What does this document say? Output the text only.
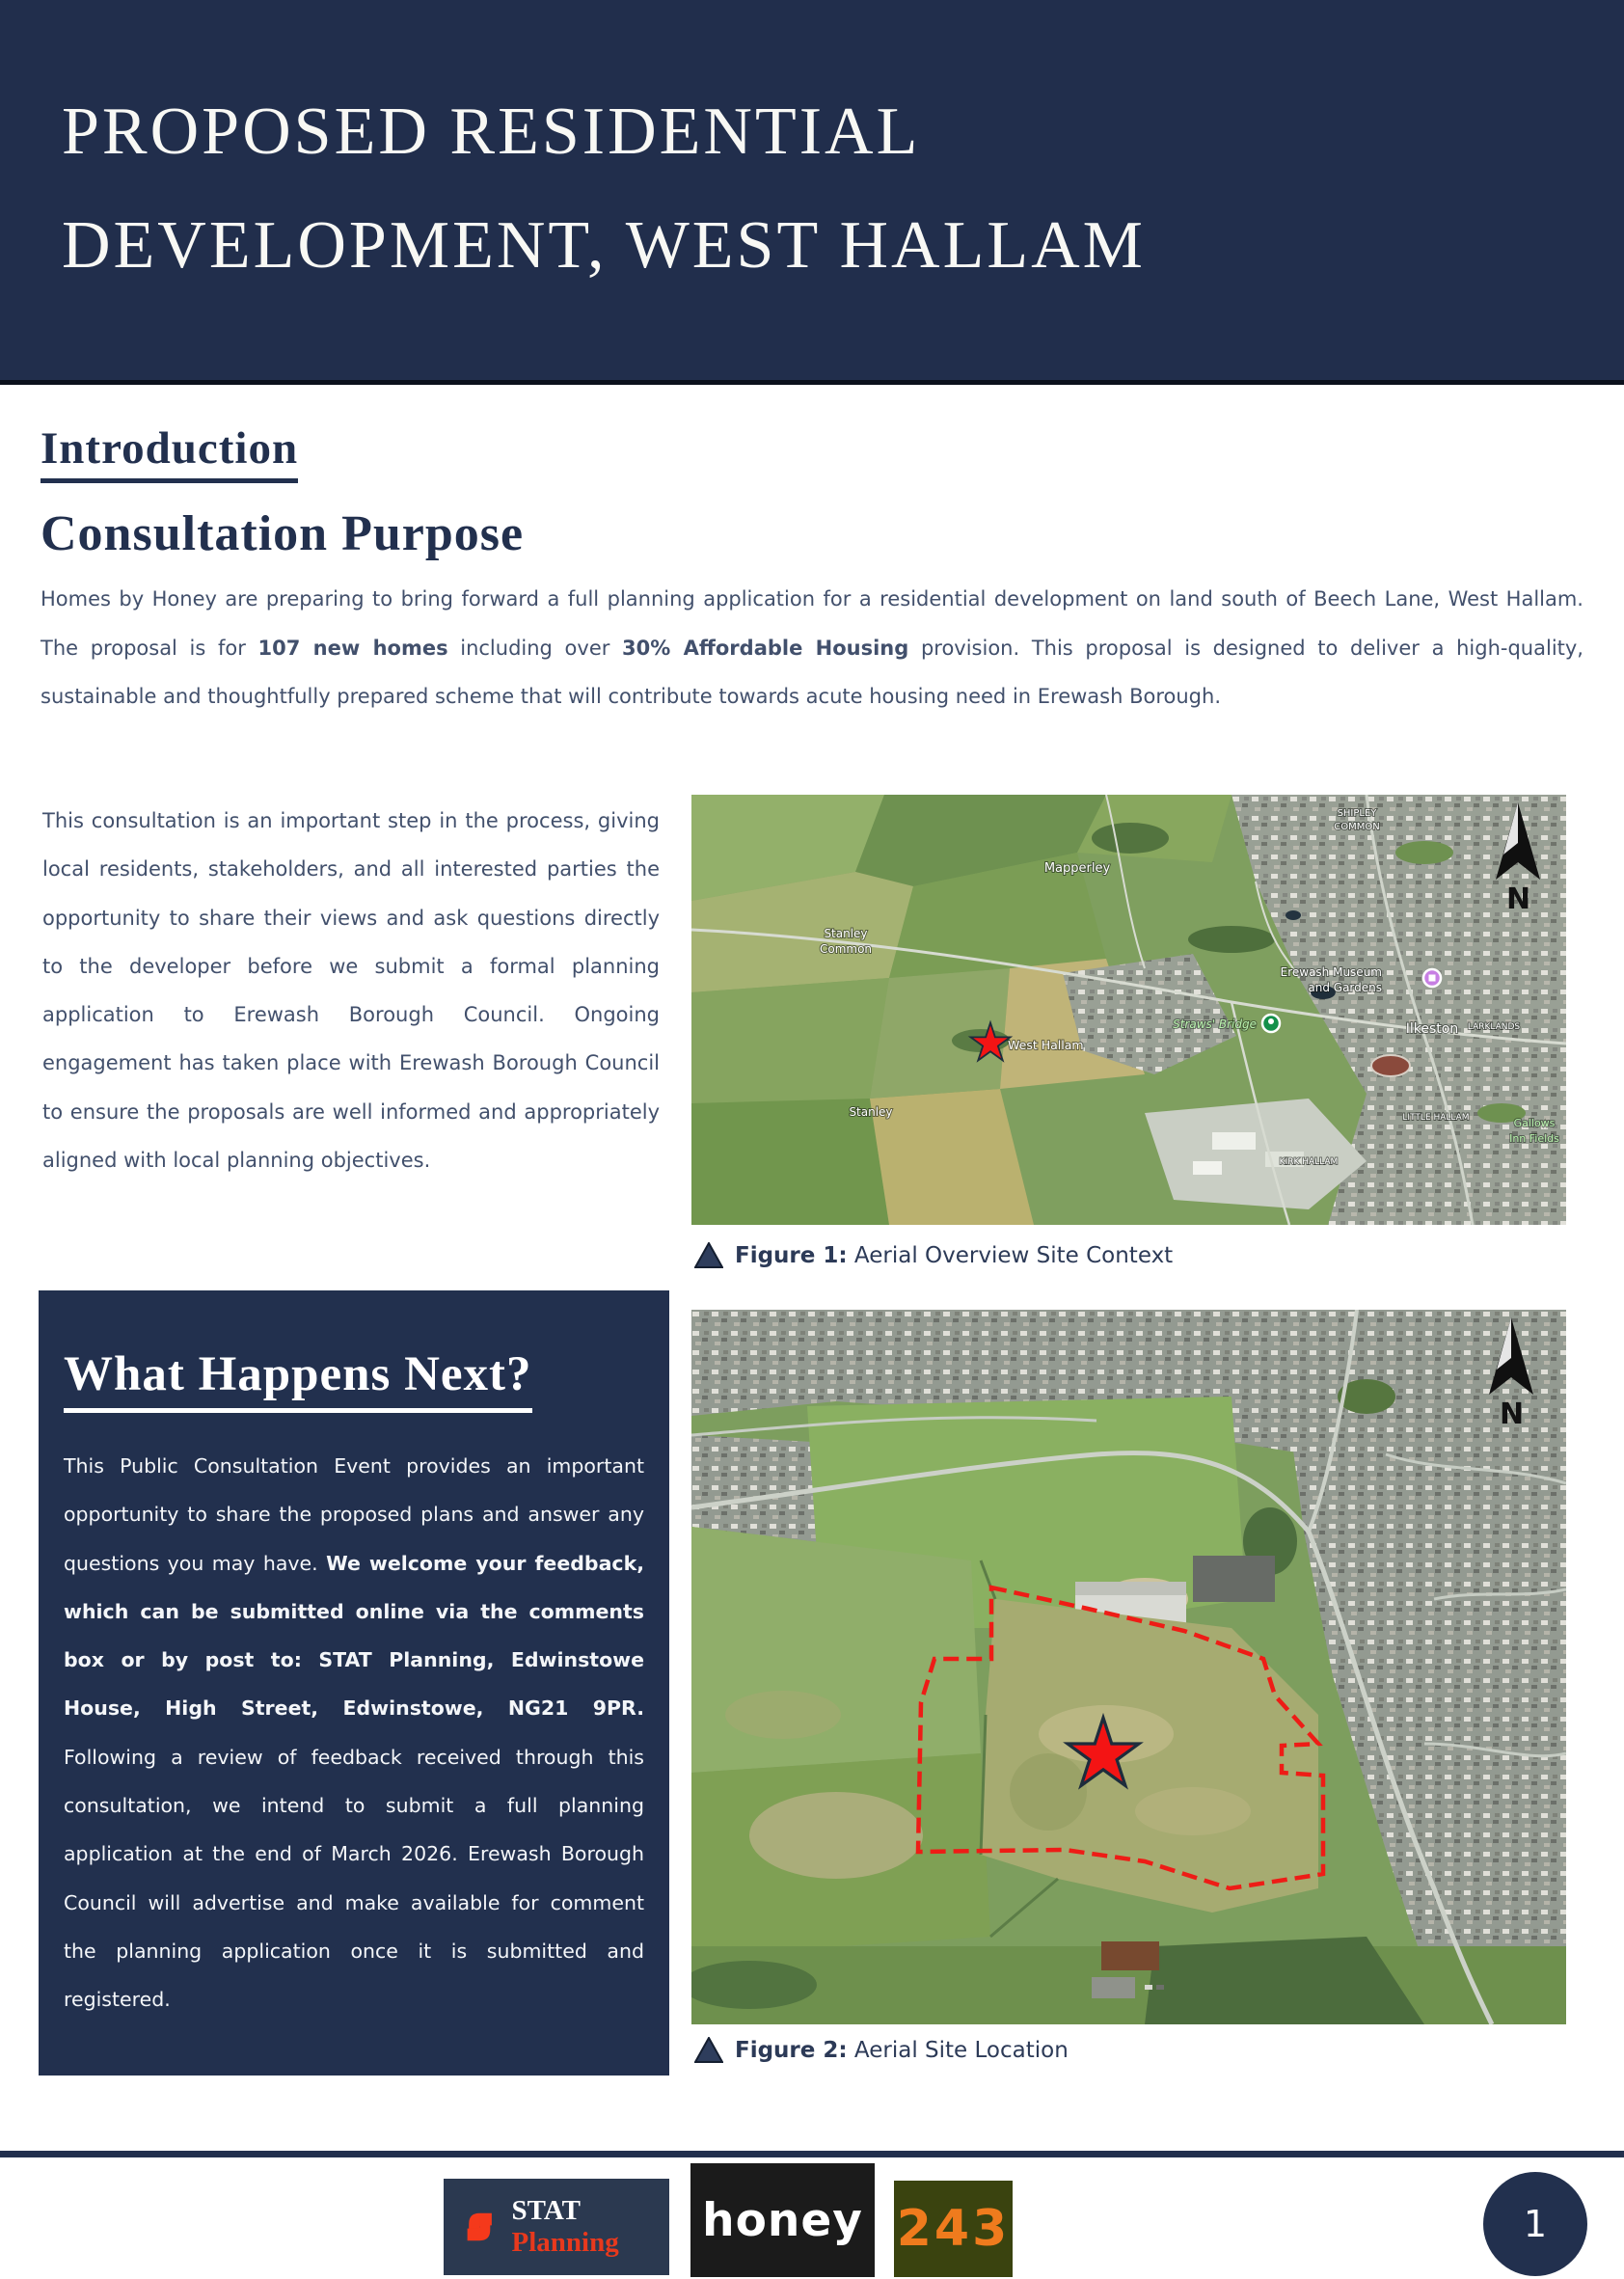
PROPOSED RESIDENTIAL
DEVELOPMENT, WEST HALLAM
Introduction
Consultation Purpose

Homes by Honey are preparing to bring forward a full planning application for a residential development on land south of Beech Lane, West Hallam. The proposal is for 107 new homes including over 30% Affordable Housing provision. This proposal is designed to deliver a high-quality, sustainable and thoughtfully prepared scheme that will contribute towards acute housing need in Erewash Borough.

This consultation is an important step in the process, giving local residents, stakeholders, and all interested parties the opportunity to share their views and ask questions directly to the developer before we submit a formal planning application to Erewash Borough Council. Ongoing engagement has taken place with Erewash Borough Council to ensure the proposals are well informed and appropriately aligned with local planning objectives.

SHIPLEY
COMMON
Mapperley
Stanley
Common
Erewash Museum
and Gardens
Straws' Bridge	Ilkeston LARKLANDS
West Hallam
Stanley	LITTLE HALLAM
KIRK HALLAM
Gallows
Inn Fields
N
Figure 1: Aerial Overview Site Context
What Happens Next?

This Public Consultation Event provides an important opportunity to share the proposed plans and answer any questions you may have. We welcome your feedback, which can be submitted online via the comments box or by post to: STAT Planning, Edwinstowe House, High Street, Edwinstowe, NG21 9PR. Following a review of feedback received through this consultation, we intend to submit a full planning application at the end of March 2026. Erewash Borough Council will advertise and make available for comment the planning application once it is submitted and registered.

N
Figure 2: Aerial Site Location
STAT Planning	honey 243	1
